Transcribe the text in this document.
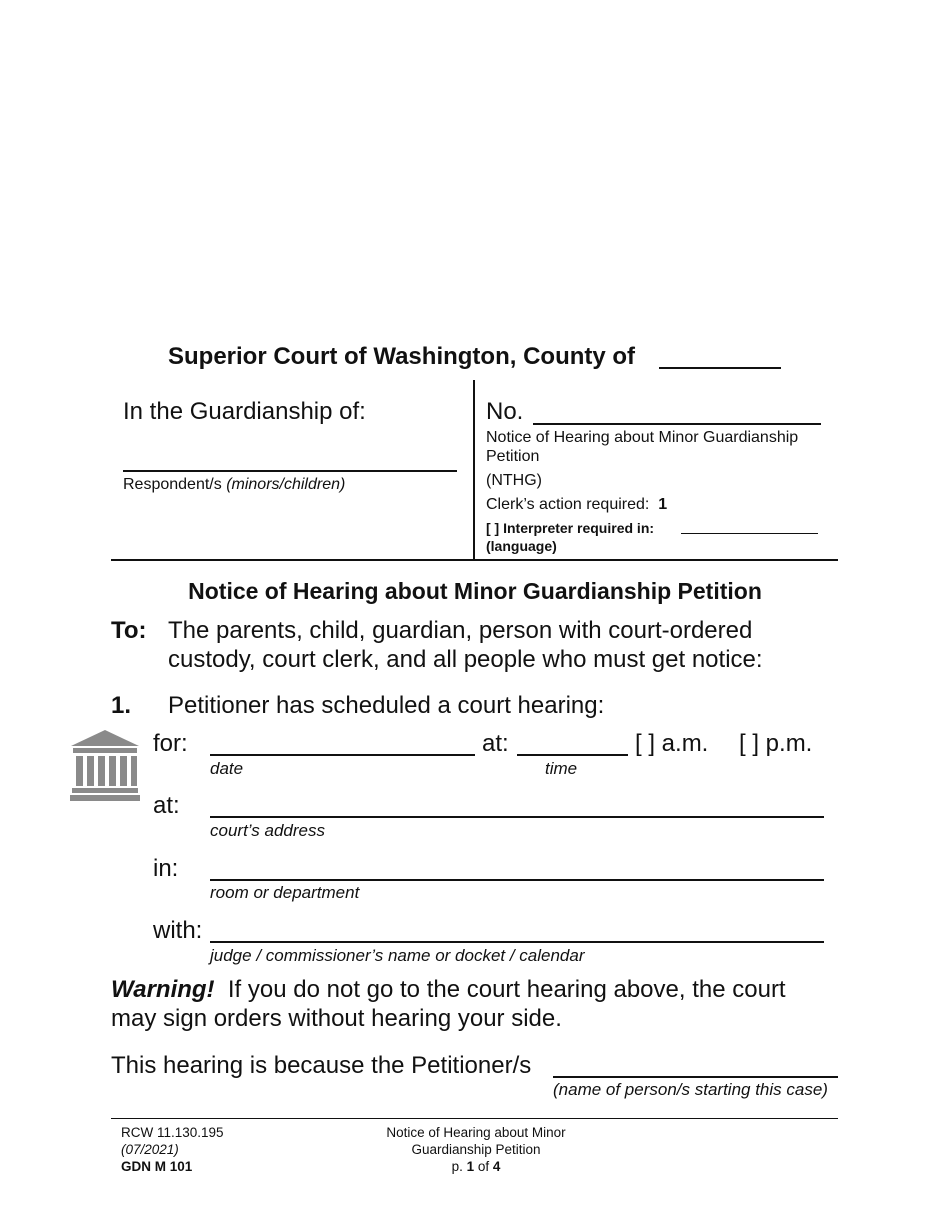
Superior Court of Washington, County of
In the Guardianship of:
Respondent/s (minors/children)
No.
Notice of Hearing about Minor Guardianship Petition
(NTHG)
Clerk’s action required: 1
[ ] Interpreter required in:
(language)
Notice of Hearing about Minor Guardianship Petition
To: The parents, child, guardian, person with court-ordered
custody, court clerk, and all people who must get notice:
1. Petitioner has scheduled a court hearing:
for:
date
at:
time
[ ] a.m. [ ] p.m.
at:
court’s address
in:
room or department
with:
judge / commissioner’s name or docket / calendar
Warning! If you do not go to the court hearing above, the court
may sign orders without hearing your side.
This hearing is because the Petitioner/s
(name of person/s starting this case)
RCW 11.130.195
(07/2021)
GDN M 101
Notice of Hearing about Minor
Guardianship Petition
p. 1 of 4
